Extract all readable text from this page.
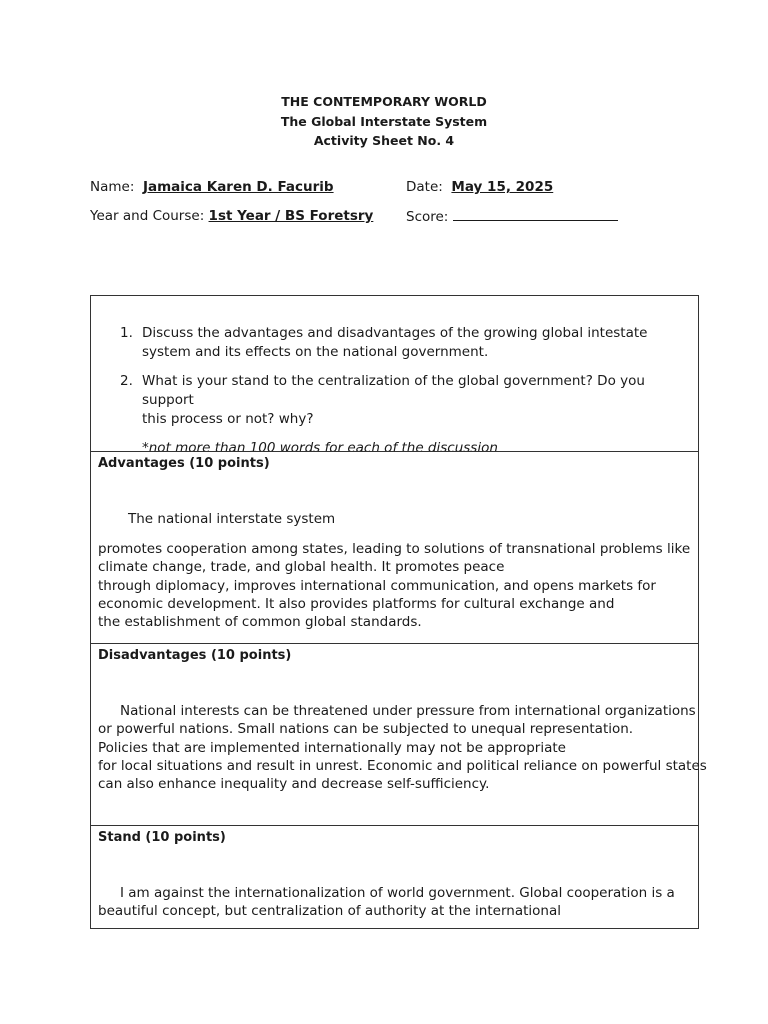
THE CONTEMPORARY WORLD
The Global Interstate System
Activity Sheet No. 4
Name: Jamaica Karen D. Facurib	Date: May 15, 2025
Year and Course: 1st Year / BS Foretsry Score:
1. Discuss the advantages and disadvantages of the growing global intestate
system and its effects on the national government.
2. What is your stand to the centralization of the global government? Do you support
this process or not? why?
*not more than 100 words for each of the discussion
Advantages (10 points)
The national interstate system
promotes cooperation among states, leading to solutions of transnational problems like
climate change, trade, and global health. It promotes peace
through diplomacy, improves international communication, and opens markets for
economic development. It also provides platforms for cultural exchange and
the establishment of common global standards.
Disadvantages (10 points)
National interests can be threatened under pressure from international organizations
or powerful nations. Small nations can be subjected to unequal representation.
Policies that are implemented internationally may not be appropriate
for local situations and result in unrest. Economic and political reliance on powerful states
can also enhance inequality and decrease self-sufficiency.
Stand (10 points)
I am against the internationalization of world government. Global cooperation is a
beautiful concept, but centralization of authority at the international
